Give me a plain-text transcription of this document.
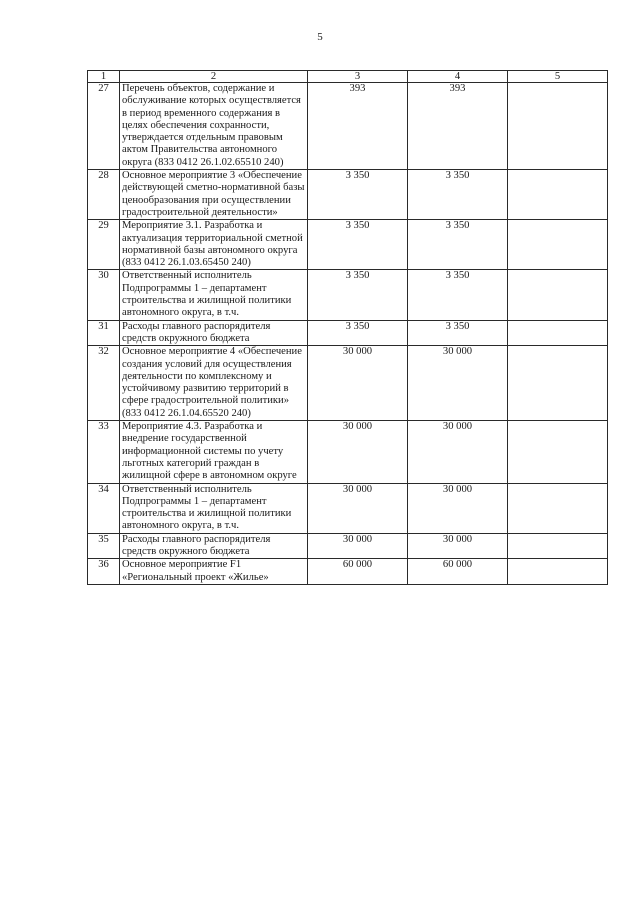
5
1	2	3	4	5
27	Перечень объектов, содержание и обслуживание которых осуществляется в период временного содержания в целях обеспечения сохранности, утверждается отдельным правовым актом Правительства автономного округа (833 0412 26.1.02.65510 240)	393	393	
28	Основное мероприятие 3 «Обеспечение действующей сметно-нормативной базы ценообразования при осуществлении градостроительной деятельности»	3 350	3 350	
29	Мероприятие 3.1. Разработка и актуализация территориальной сметной нормативной базы автономного округа (833 0412 26.1.03.65450 240)	3 350	3 350	
30	Ответственный исполнитель Подпрограммы 1 – департамент строительства и жилищной политики автономного округа, в т.ч.	3 350	3 350	
31	Расходы главного распорядителя средств окружного бюджета	3 350	3 350	
32	Основное мероприятие 4 «Обеспечение создания условий для осуществления деятельности по комплексному и устойчивому развитию территорий в сфере градостроительной политики» (833 0412 26.1.04.65520 240)	30 000	30 000	
33	Мероприятие 4.3. Разработка и внедрение государственной информационной системы по учету льготных категорий граждан в жилищной сфере в автономном округе	30 000	30 000	
34	Ответственный исполнитель Подпрограммы 1 – департамент строительства и жилищной политики автономного округа, в т.ч.	30 000	30 000	
35	Расходы главного распорядителя средств окружного бюджета	30 000	30 000	
36	Основное мероприятие F1 «Региональный проект «Жилье»	60 000	60 000	
